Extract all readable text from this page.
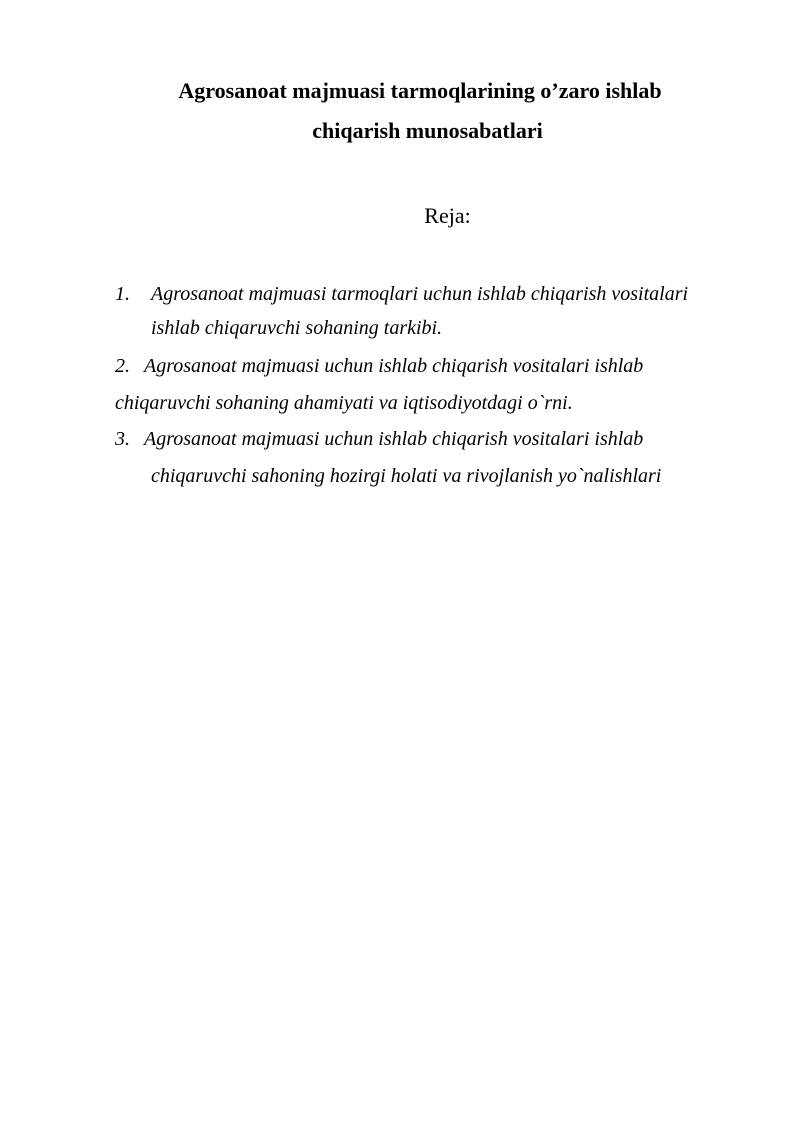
Agrosanoat majmuasi tarmoqlarining o’zaro ishlab
chiqarish munosabatlari
Reja:
1. Agrosanoat majmuasi tarmoqlari uchun ishlab chiqarish vositalari
ishlab chiqaruvchi sohaning tarkibi.
2. Agrosanoat majmuasi uchun ishlab chiqarish vositalari ishlab
chiqaruvchi sohaning ahamiyati va iqtisodiyotdagi o`rni.
3. Agrosanoat majmuasi uchun ishlab chiqarish vositalari ishlab
chiqaruvchi sahoning hozirgi holati va rivojlanish yo`nalishlari
